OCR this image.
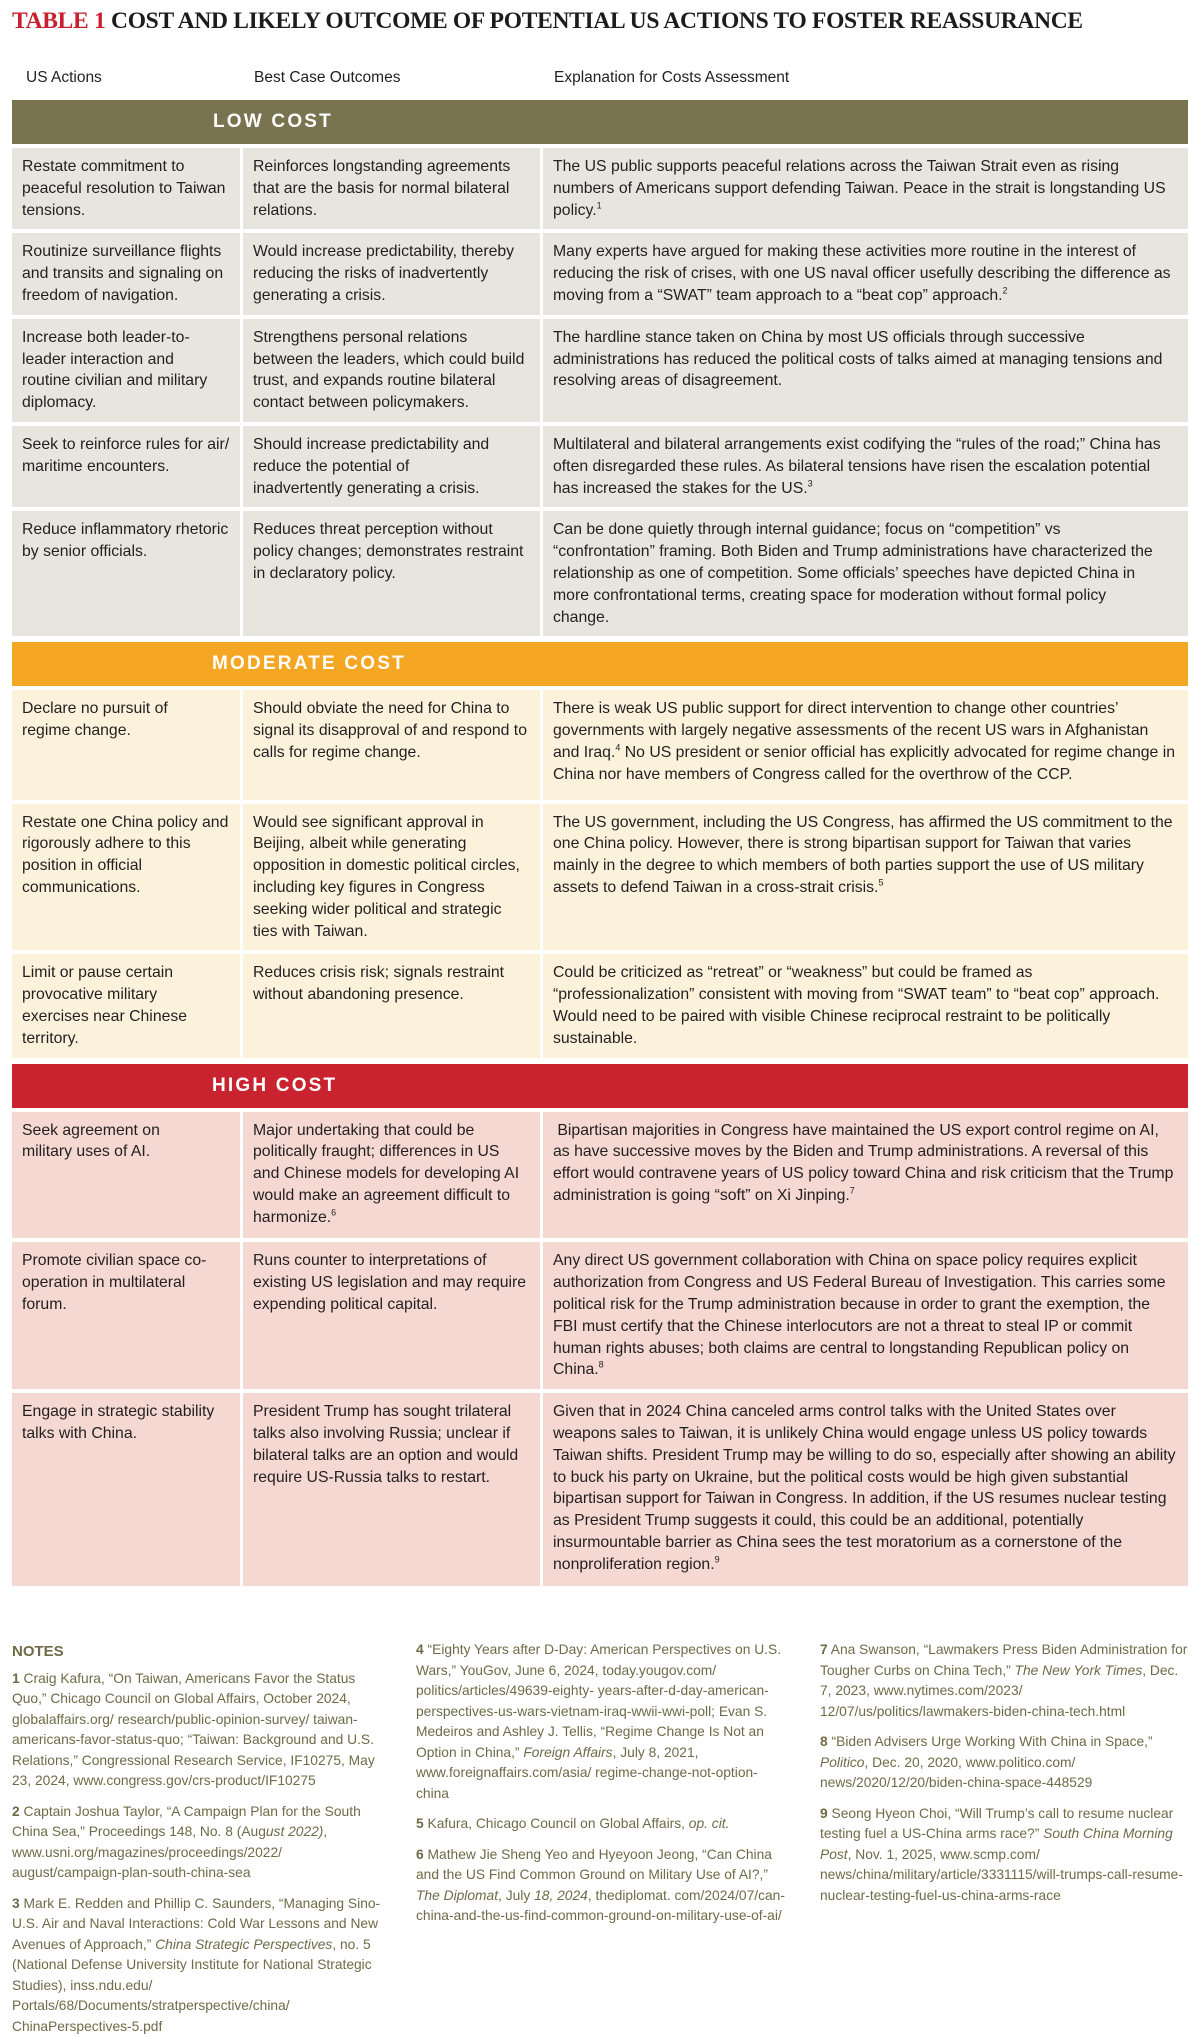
TABLE 1 COST AND LIKELY OUTCOME OF POTENTIAL US ACTIONS TO FOSTER REASSURANCE
US Actions	Best Case Outcomes	Explanation for Costs Assessment
LOW COST
Restate commitment to peaceful resolution to Taiwan tensions.
Reinforces longstanding agreements that are the basis for normal bilateral relations.
The US public supports peaceful relations across the Taiwan Strait even as rising numbers of Americans support defending Taiwan. Peace in the strait is longstanding US policy.$^1$
Routinize surveillance flights and transits and signaling on freedom of navigation.
Would increase predictability, thereby reducing the risks of inadvertently generating a crisis.
Many experts have argued for making these activities more routine in the interest of reducing the risk of crises, with one US naval officer usefully describing the difference as moving from a “SWAT” team approach to a “beat cop” approach.$^2$
Increase both leader-to-leader interaction and routine civilian and military diplomacy.
Strengthens personal relations between the leaders, which could build trust, and expands routine bilateral contact between policymakers.
The hardline stance taken on China by most US officials through successive administrations has reduced the political costs of talks aimed at managing tensions and resolving areas of disagreement.
Seek to reinforce rules for air/ maritime encounters.
Should increase predictability and reduce the potential of inadvertently generating a crisis.
Multilateral and bilateral arrangements exist codifying the “rules of the road;” China has often disregarded these rules. As bilateral tensions have risen the escalation potential has increased the stakes for the US.$^3$
Reduce inflammatory rhetoric by senior officials.
Reduces threat perception without policy changes; demonstrates restraint in declaratory policy.
Can be done quietly through internal guidance; focus on “competition” vs “confrontation” framing. Both Biden and Trump administrations have characterized the relationship as one of competition. Some officials’ speeches have depicted China in more confrontational terms, creating space for moderation without formal policy change.
MODERATE COST
Declare no pursuit of regime change.
Should obviate the need for China to signal its disapproval of and respond to calls for regime change.
There is weak US public support for direct intervention to change other countries’ governments with largely negative assessments of the recent US wars in Afghanistan and Iraq.$^4$ No US president or senior official has explicitly advocated for regime change in China nor have members of Congress called for the overthrow of the CCP.
Restate one China policy and rigorously adhere to this position in official communications.
Would see significant approval in Beijing, albeit while generating opposition in domestic political circles, including key figures in Congress seeking wider political and strategic ties with Taiwan.
The US government, including the US Congress, has affirmed the US commitment to the one China policy. However, there is strong bipartisan support for Taiwan that varies mainly in the degree to which members of both parties support the use of US military assets to defend Taiwan in a cross-strait crisis.$^5$
Limit or pause certain provocative military exercises near Chinese territory.
Reduces crisis risk; signals restraint without abandoning presence.
Could be criticized as “retreat” or “weakness” but could be framed as “professionalization” consistent with moving from “SWAT team” to “beat cop” approach. Would need to be paired with visible Chinese reciprocal restraint to be politically sustainable.
HIGH COST
Seek agreement on military uses of AI.
Major undertaking that could be politically fraught; differences in US and Chinese models for developing AI would make an agreement difficult to harmonize.$^6$
Bipartisan majorities in Congress have maintained the US export control regime on AI, as have successive moves by the Biden and Trump administrations. A reversal of this effort would contravene years of US policy toward China and risk criticism that the Trump administration is going “soft” on Xi Jinping.$^7$
Promote civilian space co-operation in multilateral forum.
Runs counter to interpretations of existing US legislation and may require expending political capital.
Any direct US government collaboration with China on space policy requires explicit authorization from Congress and US Federal Bureau of Investigation. This carries some political risk for the Trump administration because in order to grant the exemption, the FBI must certify that the Chinese interlocutors are not a threat to steal IP or commit human rights abuses; both claims are central to longstanding Republican policy on China.$^8$
Engage in strategic stability talks with China.
President Trump has sought trilateral talks also involving Russia; unclear if bilateral talks are an option and would require US-Russia talks to restart.
Given that in 2024 China canceled arms control talks with the United States over weapons sales to Taiwan, it is unlikely China would engage unless US policy towards Taiwan shifts. President Trump may be willing to do so, especially after showing an ability to buck his party on Ukraine, but the political costs would be high given substantial bipartisan support for Taiwan in Congress. In addition, if the US resumes nuclear testing as President Trump suggests it could, this could be an additional, potentially insurmountable barrier as China sees the test moratorium as a cornerstone of the nonproliferation region.$^9$
NOTES

1 Craig Kafura, “On Taiwan, Americans Favor the Status Quo,” Chicago Council on Global Affairs, October 2024, globalaffairs.org/ research/public-opinion-survey/ taiwan-americans-favor-status-quo; “Taiwan: Background and U.S. Relations,” Congressional Research Service, IF10275, May 23, 2024, www.congress.gov/crs-product/IF10275

2 Captain Joshua Taylor, “A Campaign Plan for the South China Sea,” Proceedings 148, No. 8 (August 2022), www.usni.org/magazines/proceedings/2022/ august/campaign-plan-south-china-sea

3 Mark E. Redden and Phillip C. Saunders, “Managing Sino-U.S. Air and Naval Interactions: Cold War Lessons and New Avenues of Approach,” China Strategic Perspectives, no. 5 (National Defense University Institute for National Strategic Studies), inss.ndu.edu/ Portals/68/Documents/stratperspective/china/ ChinaPerspectives-5.pdf

4 “Eighty Years after D-Day: American Perspectives on U.S. Wars,” YouGov, June 6, 2024, today.yougov.com/ politics/articles/49639-eighty- years-after-d-day-american-perspectives-us-wars-vietnam-iraq-wwii-wwi-poll; Evan S. Medeiros and Ashley J. Tellis, “Regime Change Is Not an Option in China,” Foreign Affairs, July 8, 2021, www.foreignaffairs.com/asia/ regime-change-not-option-china

5 Kafura, Chicago Council on Global Affairs, op. cit.

6 Mathew Jie Sheng Yeo and Hyeyoon Jeong, “Can China and the US Find Common Ground on Military Use of AI?,” The Diplomat, July 18, 2024, thediplomat. com/2024/07/can-china-and-the-us-find-common-ground-on-military-use-of-ai/

7 Ana Swanson, “Lawmakers Press Biden Administration for Tougher Curbs on China Tech,” The New York Times, Dec. 7, 2023, www.nytimes.com/2023/ 12/07/us/politics/lawmakers-biden-china-tech.html

8 “Biden Advisers Urge Working With China in Space,” Politico, Dec. 20, 2020, www.politico.com/ news/2020/12/20/biden-china-space-448529

9 Seong Hyeon Choi, “Will Trump’s call to resume nuclear testing fuel a US-China arms race?” South China Morning Post, Nov. 1, 2025, www.scmp.com/ news/china/military/article/3331115/will-trumps-call-resume-nuclear-testing-fuel-us-china-arms-race
